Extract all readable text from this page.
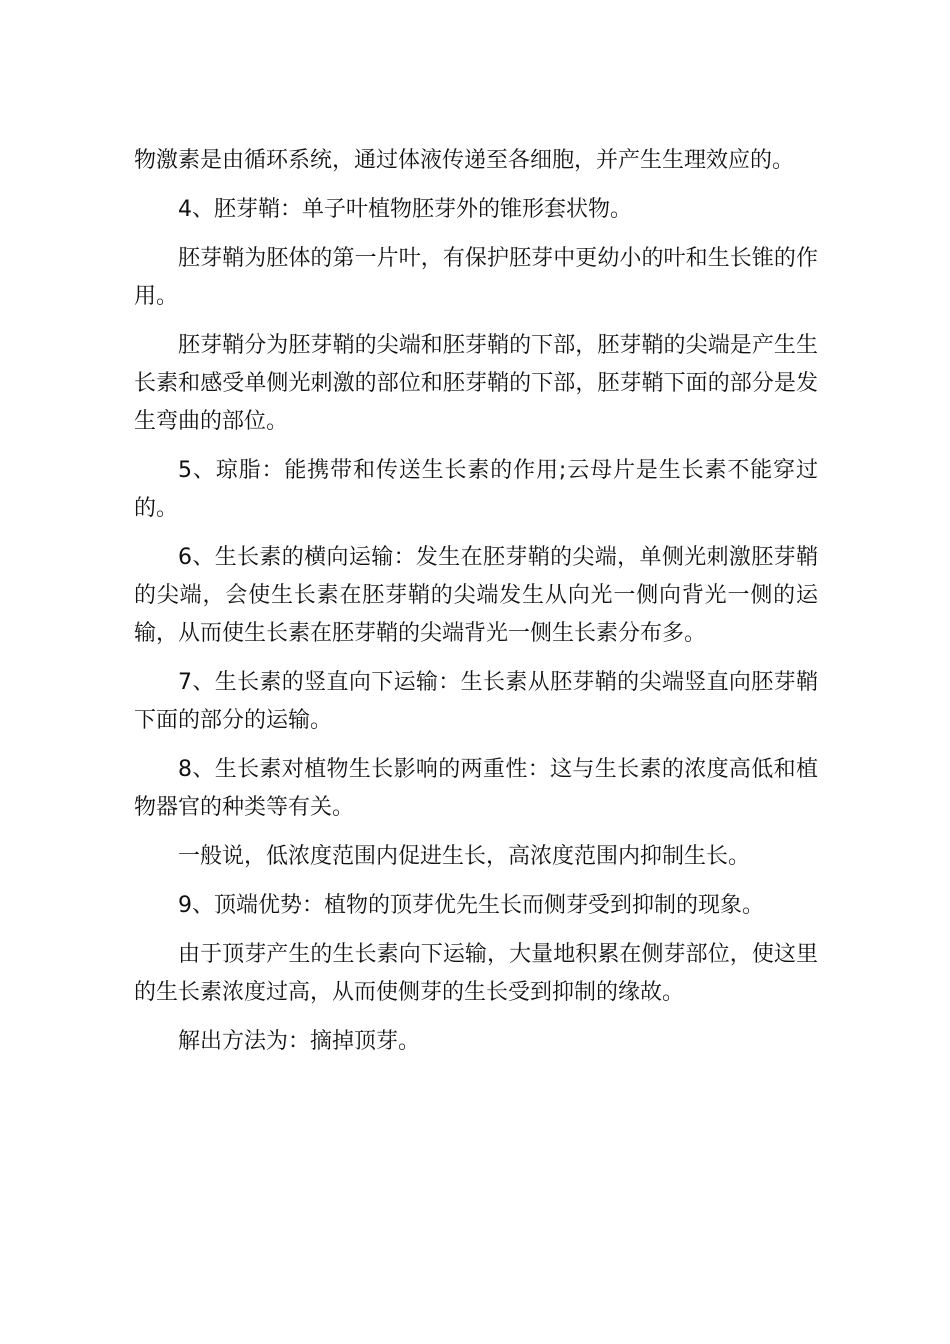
物激素是由循环系统，通过体液传递至各细胞，并产生生理效应的。

4、胚芽鞘：单子叶植物胚芽外的锥形套状物。

胚芽鞘为胚体的第一片叶，有保护胚芽中更幼小的叶和生长锥的作用。

胚芽鞘分为胚芽鞘的尖端和胚芽鞘的下部，胚芽鞘的尖端是产生生长素和感受单侧光刺激的部位和胚芽鞘的下部，胚芽鞘下面的部分是发生弯曲的部位。

5、琼脂：能携带和传送生长素的作用;云母片是生长素不能穿过的。

6、生长素的横向运输：发生在胚芽鞘的尖端，单侧光刺激胚芽鞘的尖端，会使生长素在胚芽鞘的尖端发生从向光一侧向背光一侧的运输，从而使生长素在胚芽鞘的尖端背光一侧生长素分布多。

7、生长素的竖直向下运输：生长素从胚芽鞘的尖端竖直向胚芽鞘下面的部分的运输。

8、生长素对植物生长影响的两重性：这与生长素的浓度高低和植物器官的种类等有关。

一般说，低浓度范围内促进生长，高浓度范围内抑制生长。

9、顶端优势：植物的顶芽优先生长而侧芽受到抑制的现象。

由于顶芽产生的生长素向下运输，大量地积累在侧芽部位，使这里的生长素浓度过高，从而使侧芽的生长受到抑制的缘故。

解出方法为：摘掉顶芽。
